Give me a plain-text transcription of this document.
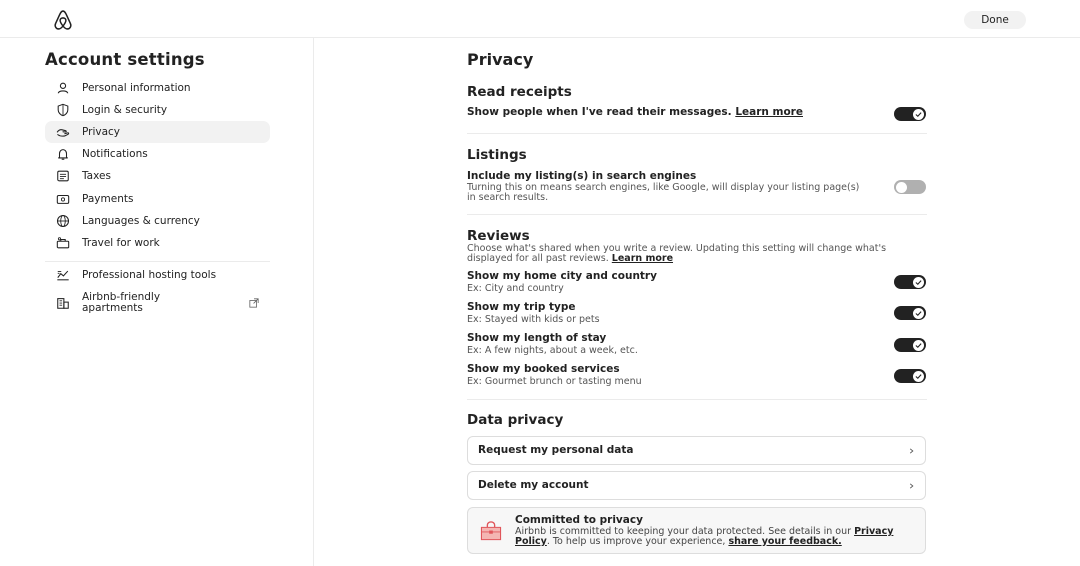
Done
Account settings
Personal information
Login & security
Privacy
Notifications
Taxes
Payments
Languages & currency
Travel for work
Professional hosting tools
Airbnb-friendly apartments
Privacy
Read receipts
Show people when I've read their messages. Learn more
Listings
Include my listing(s) in search engines
Turning this on means search engines, like Google, will display your listing page(s) in search results.
Reviews
Choose what's shared when you write a review. Updating this setting will change what's displayed for all past reviews. Learn more
Show my home city and country
Ex: City and country
Show my trip type
Ex: Stayed with kids or pets
Show my length of stay
Ex: A few nights, about a week, etc.
Show my booked services
Ex: Gourmet brunch or tasting menu
Data privacy
Request my personal data
Delete my account
Committed to privacy
Airbnb is committed to keeping your data protected. See details in our Privacy Policy. To help us improve your experience, share your feedback.
